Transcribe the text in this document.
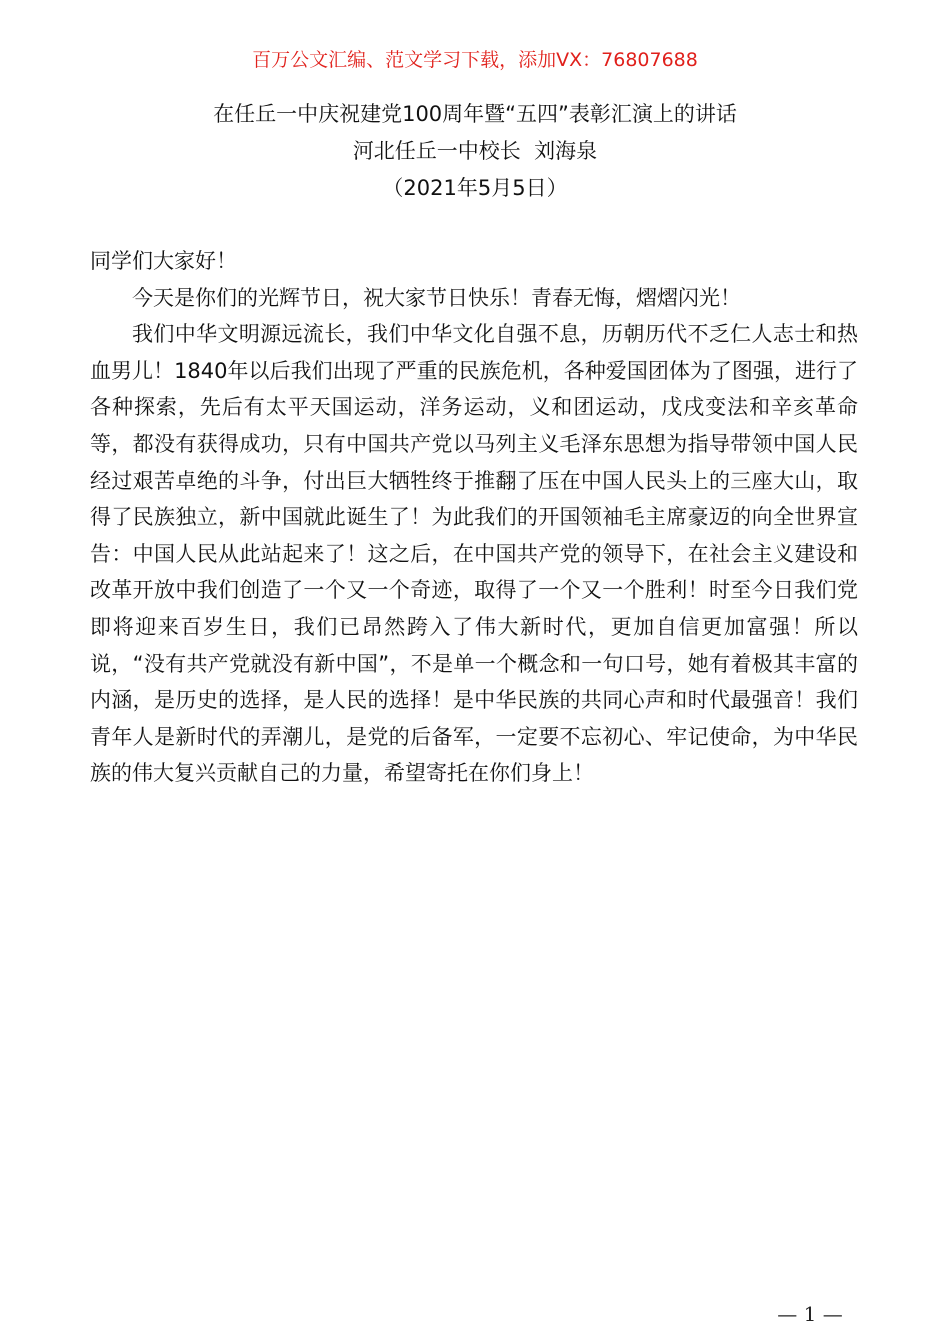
百万公文汇编、范文学习下载，添加VX：76807688
在任丘一中庆祝建党100周年暨“五四”表彰汇演上的讲话
河北任丘一中校长  刘海泉
（2021年5月5日）

同学们大家好！

今天是你们的光辉节日，祝大家节日快乐！青春无悔，熠熠闪光！

我们中华文明源远流长，我们中华文化自强不息，历朝历代不乏仁人志士和热血男儿！1840年以后我们出现了严重的民族危机，各种爱国团体为了图强，进行了各种探索，先后有太平天国运动，洋务运动，义和团运动，戊戌变法和辛亥革命等，都没有获得成功，只有中国共产党以马列主义毛泽东思想为指导带领中国人民经过艰苦卓绝的斗争，付出巨大牺牲终于推翻了压在中国人民头上的三座大山，取得了民族独立，新中国就此诞生了！为此我们的开国领袖毛主席豪迈的向全世界宣告：中国人民从此站起来了！这之后，在中国共产党的领导下，在社会主义建设和改革开放中我们创造了一个又一个奇迹，取得了一个又一个胜利！时至今日我们党即将迎来百岁生日，我们已昂然跨入了伟大新时代，更加自信更加富强！所以说，“没有共产党就没有新中国”，不是单一个概念和一句口号，她有着极其丰富的内涵，是历史的选择，是人民的选择！是中华民族的共同心声和时代最强音！我们青年人是新时代的弄潮儿，是党的后备军，一定要不忘初心、牢记使命，为中华民族的伟大复兴贡献自己的力量，希望寄托在你们身上！

— 1 —
